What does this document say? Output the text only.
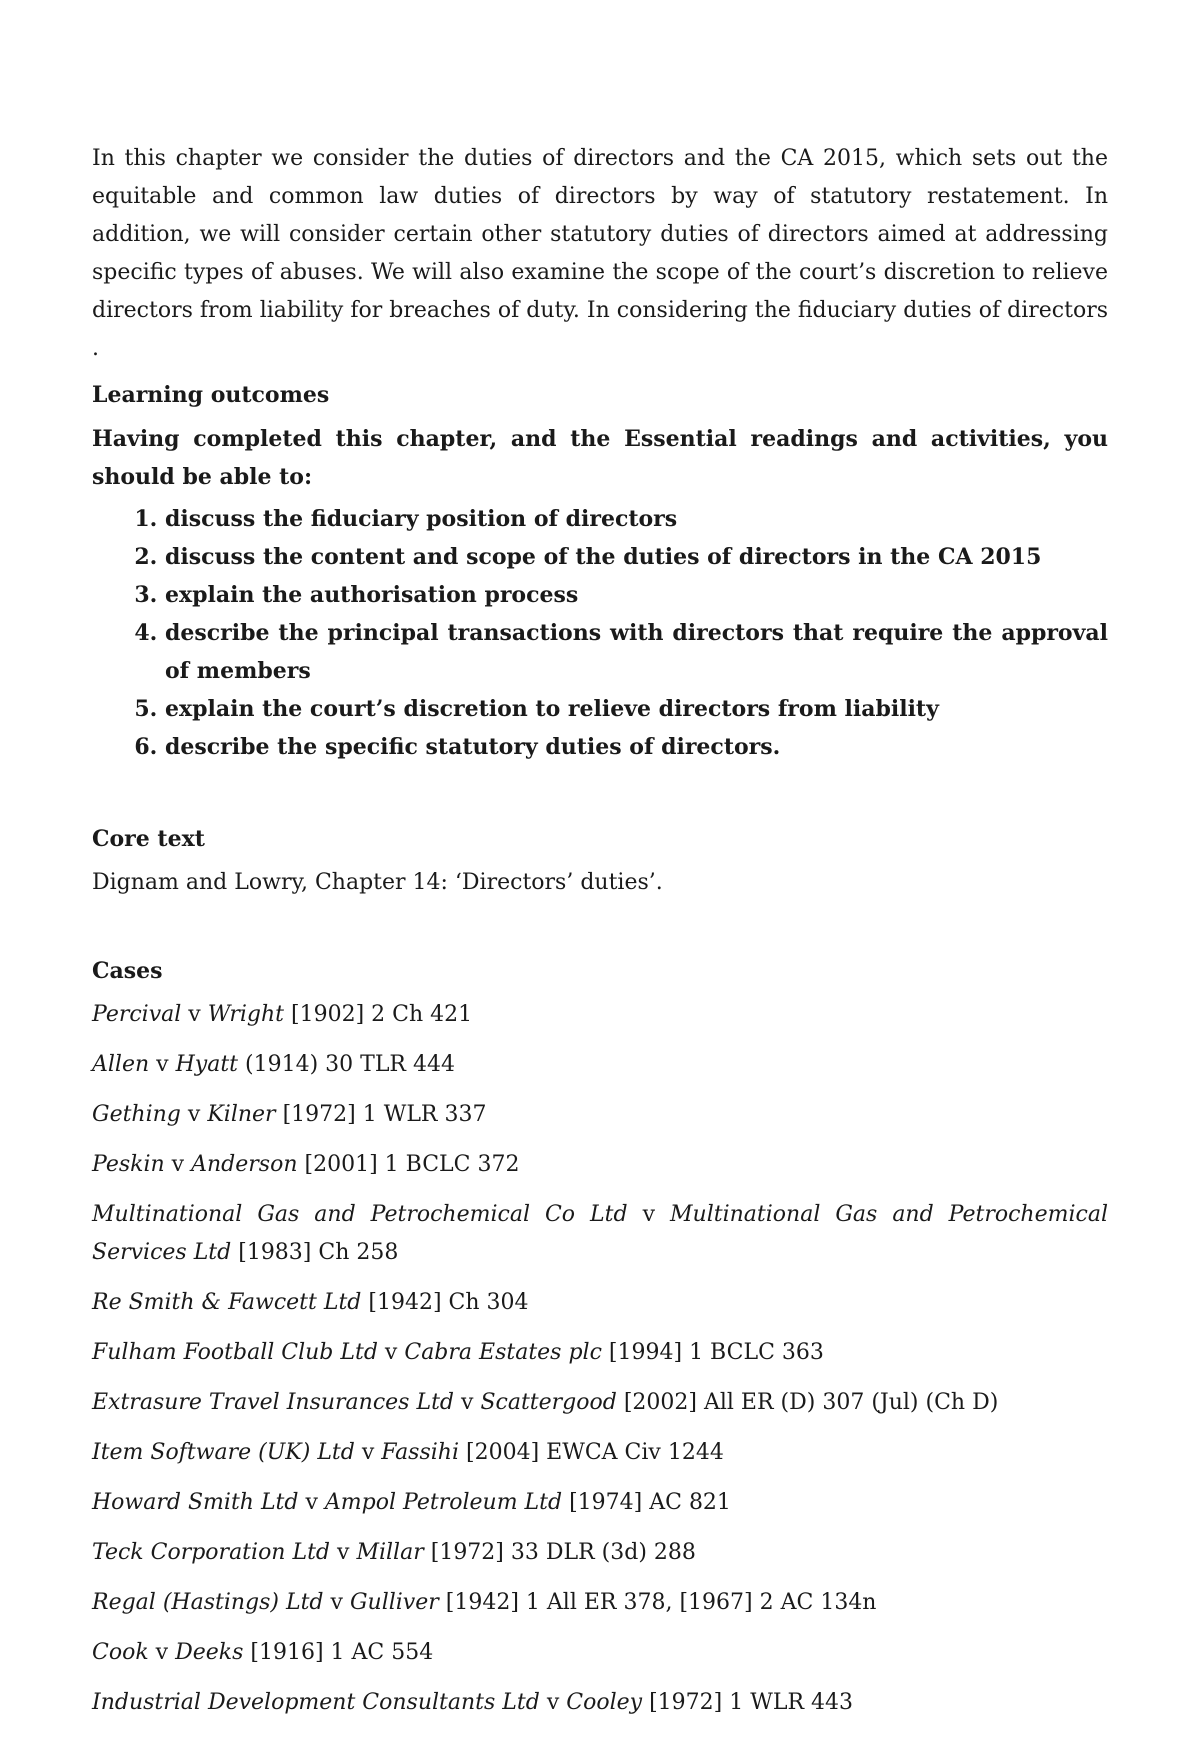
In this chapter we consider the duties of directors and the CA 2015, which sets out the equitable and common law duties of directors by way of statutory restatement. In addition, we will consider certain other statutory duties of directors aimed at addressing specific types of abuses. We will also examine the scope of the court’s discretion to relieve directors from liability for breaches of duty. In considering the fiduciary duties of directors .

Learning outcomes

Having completed this chapter, and the Essential readings and activities, you should be able to:

1. discuss the fiduciary position of directors
2. discuss the content and scope of the duties of directors in the CA 2015
3. explain the authorisation process
4. describe the principal transactions with directors that require the approval of members
5. explain the court’s discretion to relieve directors from liability
6. describe the specific statutory duties of directors.
Core text

Dignam and Lowry, Chapter 14: ‘Directors’ duties’.

Cases
Percival v Wright [1902] 2 Ch 421
Allen v Hyatt (1914) 30 TLR 444
Gething v Kilner [1972] 1 WLR 337
Peskin v Anderson [2001] 1 BCLC 372
Multinational Gas and Petrochemical Co Ltd v Multinational Gas and Petrochemical Services Ltd [1983] Ch 258
Re Smith & Fawcett Ltd [1942] Ch 304
Fulham Football Club Ltd v Cabra Estates plc [1994] 1 BCLC 363
Extrasure Travel Insurances Ltd v Scattergood [2002] All ER (D) 307 (Jul) (Ch D)
Item Software (UK) Ltd v Fassihi [2004] EWCA Civ 1244
Howard Smith Ltd v Ampol Petroleum Ltd [1974] AC 821
Teck Corporation Ltd v Millar [1972] 33 DLR (3d) 288
Regal (Hastings) Ltd v Gulliver [1942] 1 All ER 378, [1967] 2 AC 134n
Cook v Deeks [1916] 1 AC 554
Industrial Development Consultants Ltd v Cooley [1972] 1 WLR 443
